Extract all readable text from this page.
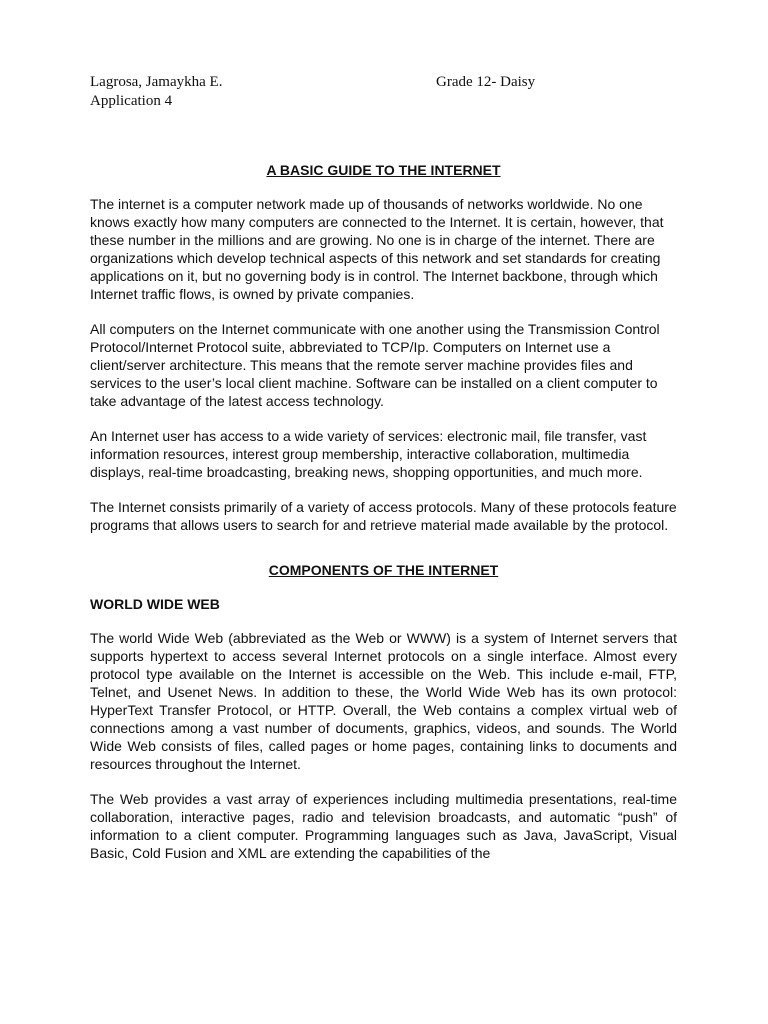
Lagrosa, Jamaykha E.	Grade 12- Daisy
Application 4
A BASIC GUIDE TO THE INTERNET

The internet is a computer network made up of thousands of networks worldwide. No one knows exactly how many computers are connected to the Internet. It is certain, however, that these number in the millions and are growing. No one is in charge of the internet. There are organizations which develop technical aspects of this network and set standards for creating applications on it, but no governing body is in control. The Internet backbone, through which Internet traffic flows, is owned by private companies.

All computers on the Internet communicate with one another using the Transmission Control Protocol/Internet Protocol suite, abbreviated to TCP/Ip. Computers on Internet use a client/server architecture. This means that the remote server machine provides files and services to the user’s local client machine. Software can be installed on a client computer to take advantage of the latest access technology.

An Internet user has access to a wide variety of services: electronic mail, file transfer, vast information resources, interest group membership, interactive collaboration, multimedia displays, real-time broadcasting, breaking news, shopping opportunities, and much more.

The Internet consists primarily of a variety of access protocols. Many of these protocols feature programs that allows users to search for and retrieve material made available by the protocol.

COMPONENTS OF THE INTERNET
WORLD WIDE WEB

The world Wide Web (abbreviated as the Web or WWW) is a system of Internet servers that supports hypertext to access several Internet protocols on a single interface. Almost every protocol type available on the Internet is accessible on the Web. This include e-mail, FTP, Telnet, and Usenet News. In addition to these, the World Wide Web has its own protocol: HyperText Transfer Protocol, or HTTP. Overall, the Web contains a complex virtual web of connections among a vast number of documents, graphics, videos, and sounds. The World Wide Web consists of files, called pages or home pages, containing links to documents and resources throughout the Internet.

The Web provides a vast array of experiences including multimedia presentations, real-time collaboration, interactive pages, radio and television broadcasts, and automatic “push” of information to a client computer. Programming languages such as Java, JavaScript, Visual Basic, Cold Fusion and XML are extending the capabilities of the
